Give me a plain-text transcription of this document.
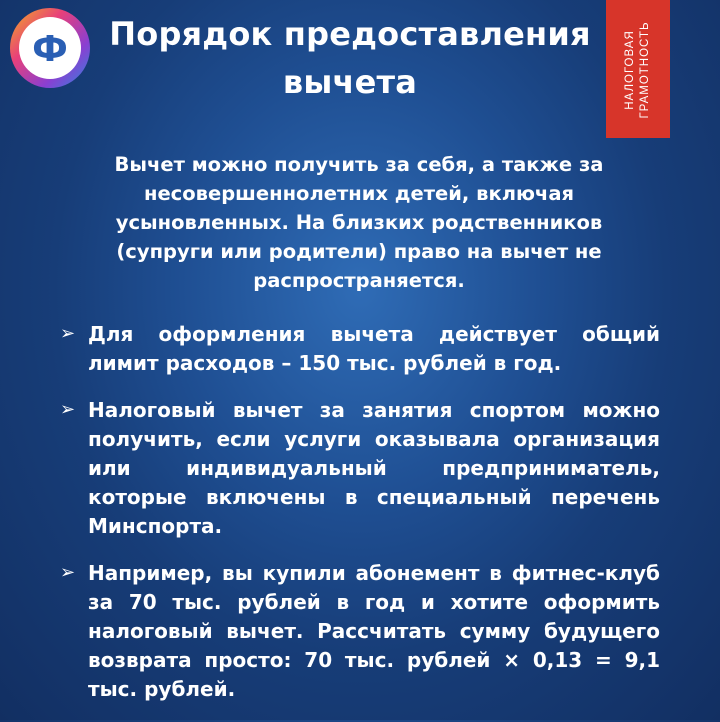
Ф Порядок предоставления вычета	НАЛОГОВАЯ ГРАМОТНОСТЬ
Вычет можно получить за себя, а также за несовершеннолетних детей, включая усыновленных. На близких родственников (супруги или родители) право на вычет не распространяется.
➢ Для оформления вычета действует общий лимит расходов – 150 тыс. рублей в год.
➢ Налоговый вычет за занятия спортом можно получить, если услуги оказывала организация или индивидуальный предприниматель, которые включены в специальный перечень Минспорта.
➢ Например, вы купили абонемент в фитнес-клуб за 70 тыс. рублей в год и хотите оформить налоговый вычет. Рассчитать сумму будущего возврата просто: 70 тыс. рублей × 0,13 = 9,1 тыс. рублей.
